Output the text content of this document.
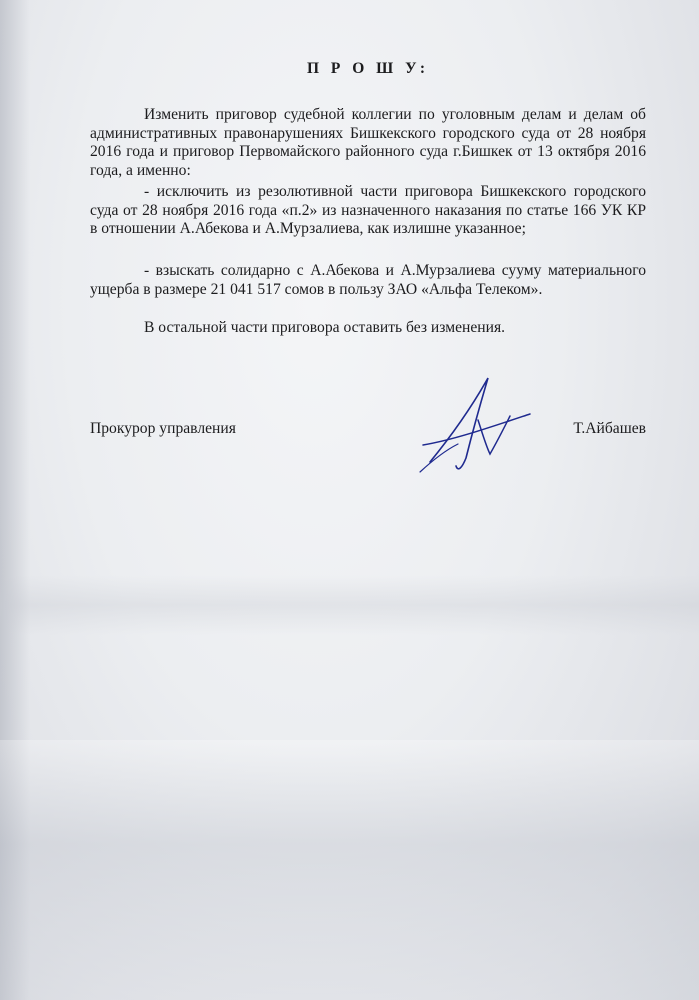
П Р О Ш У:

Изменить приговор судебной коллегии по уголовным делам и делам об административных правонарушениях Бишкекского городского суда от 28 ноября 2016 года и приговор Первомайского районного суда г.Бишкек от 13 октября 2016 года, а именно:

- исключить из резолютивной части приговора Бишкекского городского суда от 28 ноября 2016 года «п.2» из назначенного наказания по статье 166 УК КР в отношении А.Абекова и А.Мурзалиева, как излишне указанное;

- взыскать солидарно с А.Абекова и А.Мурзалиева сууму материального ущерба в размере 21 041 517 сомов в пользу ЗАО «Альфа Телеком».

В остальной части приговора оставить без изменения.

Прокурор управления	Т.Айбашев
